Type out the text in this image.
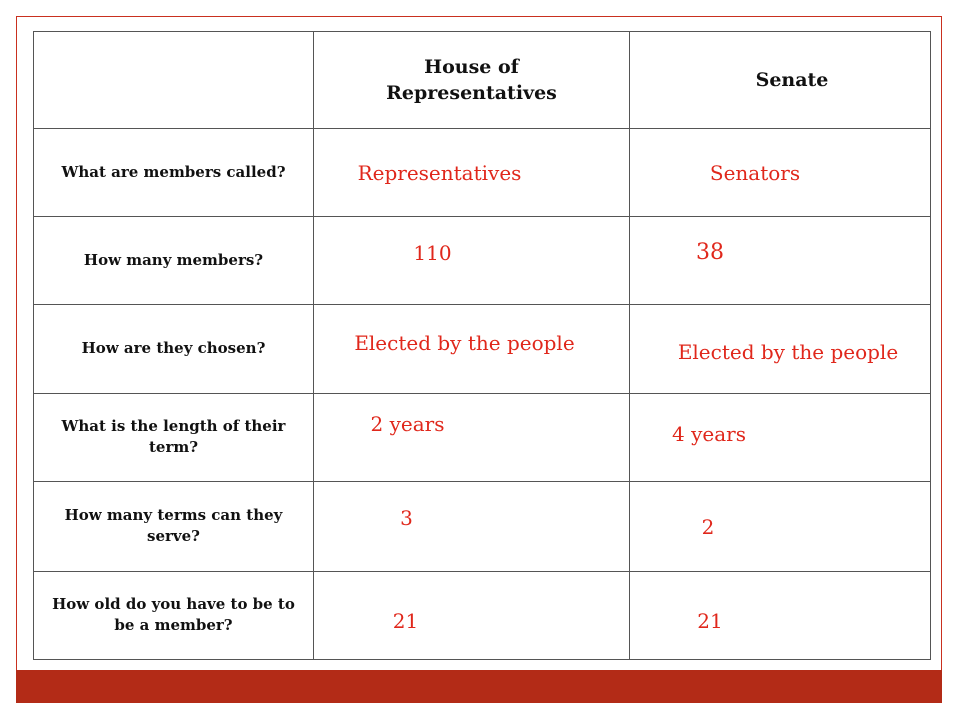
	House of Representatives	Senate
What are members called?	Representatives	Senators

How many members?	110	38

How are they chosen?	Elected by the people	Elected by the people

What is the length of their term?	2 years	4 years

How many terms can they serve?	3	2

How old do you have to be to be a member?	21	21
